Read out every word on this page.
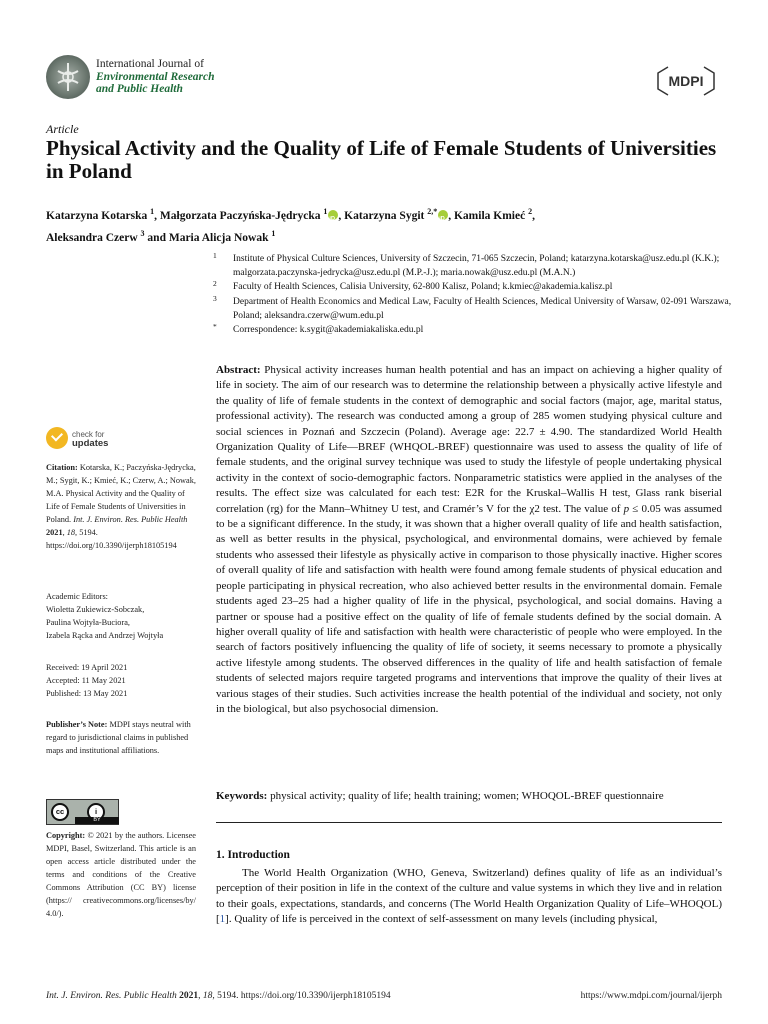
International Journal of
Environmental Research
and Public Health	MDPI
Article
Physical Activity and the Quality of Life of Female Students of Universities in Poland
Katarzyna Kotarska $^1$, Małgorzata Paczyńska-Jędrycka $^1$ iD , Katarzyna Sygit $^{2,*}$ iD , Kamila Kmieć $^2$,
Aleksandra Czerw $^3$ and Maria Alicja Nowak $^1$
1 Institute of Physical Culture Sciences, University of Szczecin, 71-065 Szczecin, Poland; katarzyna.kotarska@usz.edu.pl (K.K.); malgorzata.paczynska-jedrycka@usz.edu.pl (M.P.-J.); maria.nowak@usz.edu.pl (M.A.N.)
2 Faculty of Health Sciences, Calisia University, 62-800 Kalisz, Poland; k.kmiec@akademia.kalisz.pl
3 Department of Health Economics and Medical Law, Faculty of Health Sciences, Medical University of Warsaw, 02-091 Warszawa, Poland; aleksandra.czerw@wum.edu.pl
* Correspondence: k.sygit@akademiakaliska.edu.pl
check for
updates
Citation: Kotarska, K.; Paczyńska-Jędrycka, M.; Sygit, K.; Kmieć, K.; Czerw, A.; Nowak, M.A. Physical Activity and the Quality of Life of Female Students of Universities in Poland. Int. J. Environ. Res. Public Health 2021, 18, 5194. https://doi.org/10.3390/ijerph18105194
Academic Editors:
Wioletta Zukiewicz-Sobczak,
Paulina Wojtyła-Buciora,
Izabela Rącka and Andrzej Wojtyła
Received: 19 April 2021
Accepted: 11 May 2021
Published: 13 May 2021
Publisher’s Note: MDPI stays neutral with regard to jurisdictional claims in published maps and institutional affiliations.
cc	i
BY
Copyright: © 2021 by the authors. Licensee MDPI, Basel, Switzerland. This article is an open access article distributed under the terms and conditions of the Creative Commons Attribution (CC BY) license (https:// creativecommons.org/licenses/by/ 4.0/).
Abstract: Physical activity increases human health potential and has an impact on achieving a higher quality of life in society. The aim of our research was to determine the relationship between a physically active lifestyle and the quality of life of female students in the context of demographic and social factors (major, age, marital status, professional activity). The research was conducted among a group of 285 women studying physical culture and social sciences in Poznań and Szczecin (Poland). Average age: 22.7 ± 4.90. The standardized World Health Organization Quality of Life—BREF (WHQOL-BREF) questionnaire was used to assess the quality of life of female students, and the original survey technique was used to study the lifestyle of people undertaking physical activity in the context of socio-demographic factors. Nonparametric statistics were applied in the analyses of the results. The effect size was calculated for each test: E2R for the Kruskal–Wallis H test, Glass rank biserial correlation (rg) for the Mann–Whitney U test, and Cramér’s V for the χ2 test. The value of p ≤ 0.05 was assumed to be a significant difference. In the study, it was shown that a higher overall quality of life and health satisfaction, as well as better results in the physical, psychological, and environmental domains, were achieved by female students who assessed their lifestyle as physically active in comparison to those physically inactive. Higher scores of overall quality of life and satisfaction with health were found among female students of physical education and people participating in physical recreation, who also achieved better results in the environmental domain. Female students aged 23–25 had a higher quality of life in the physical, psychological, and social domains. Having a partner or spouse had a positive effect on the quality of life of female students defined by the social domain. A higher overall quality of life and satisfaction with health were characteristic of people who were employed. In the search of factors positively influencing the quality of life of society, it seems necessary to promote a physically active lifestyle among students. The observed differences in the quality of life and health satisfaction of female students of selected majors require targeted programs and interventions that improve the quality of their lives at various stages of their studies. Such activities increase the health potential of the individual and society, not only in the biological, but also psychosocial dimension.
Keywords: physical activity; quality of life; health training; women; WHOQOL-BREF questionnaire
1. Introduction
The World Health Organization (WHO, Geneva, Switzerland) defines quality of life as an individual’s perception of their position in life in the context of the culture and value systems in which they live and in relation to their goals, expectations, standards, and concerns (The World Health Organization Quality of Life–WHOQOL) [1]. Quality of life is perceived in the context of self-assessment on many levels (including physical,
Int. J. Environ. Res. Public Health 2021, 18, 5194. https://doi.org/10.3390/ijerph18105194	https://www.mdpi.com/journal/ijerph
